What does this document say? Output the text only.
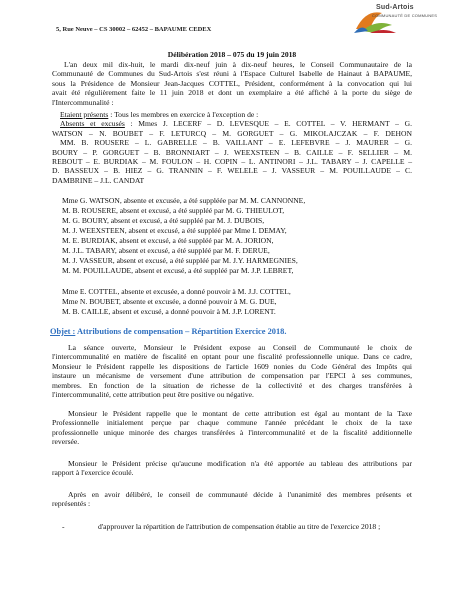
Sud-Artois
COMMUNAUTÉ DE COMMUNES
5, Rue Neuve – CS 30002 – 62452 – BAPAUME CEDEX
Délibération 2018 – 075 du 19 juin 2018
L'an deux mil dix-huit, le mardi dix-neuf juin à dix-neuf heures, le Conseil Communautaire de la
Communauté de Communes du Sud-Artois s'est réuni à l'Espace Culturel Isabelle de Hainaut à BAPAUME,
sous la Présidence de Monsieur Jean-Jacques COTTEL, Président, conformément à la convocation qui lui
avait été régulièrement faite le 11 juin 2018 et dont un exemplaire a été affiché à la porte du siège de
l'Intercommunalité :
Etaient présents : Tous les membres en exercice à l'exception de :
Absents et excusés : Mmes J. LECERF – D. LEVESQUE – E. COTTEL – V. HERMANT – G.
WATSON – N. BOUBET – F. LETURCQ – M. GORGUET – G. MIKOLAJCZAK – F. DEHON
MM. B. ROUSERE – L. GABRELLE – B. VAILLANT – E. LEFEBVRE – J. MAURER – G.
BOURY – P. GORGUET – B. BRONNIART – J. WEEXSTEEN – B. CAILLE – F. SELLIER – M.
REBOUT – E. BURDIAK – M. FOULON – H. COPIN – L. ANTINORI – J.L. TABARY – J. CAPELLE –
D. BASSEUX – B. HIEZ – G. TRANNIN – F. WELELE – J. VASSEUR – M. POUILLAUDE – C.
DAMBRINE – J.L. CANDAT
Mme G. WATSON, absente et excusée, a été suppléée par M. M. CANNONNE,
M. B. ROUSERE, absent et excusé, a été suppléé par M. G. THIEULOT,
M. G. BOURY, absent et excusé, a été suppléé par M. J. DUBOIS,
M. J. WEEXSTEEN, absent et excusé, a été suppléé par Mme I. DEMAY,
M. E. BURDIAK, absent et excusé, a été suppléé par M. A. JORION,
M. J.L. TABARY, absent et excusé, a été suppléé par M. F. DERUE,
M. J. VASSEUR, absent et excusé, a été suppléé par M. J.Y. HARMEGNIES,
M. M. POUILLAUDE, absent et excusé, a été suppléé par M. J.P. LEBRET,
Mme E. COTTEL, absente et excusée, a donné pouvoir à M. J.J. COTTEL,
Mme N. BOUBET, absente et excusée, a donné pouvoir à M. G. DUE,
M. B. CAILLE, absent et excusé, a donné pouvoir à M. J.P. LORENT.
Objet : Attributions de compensation – Répartition Exercice 2018.
La séance ouverte, Monsieur le Président expose au Conseil de Communauté le choix de
l'intercommunalité en matière de fiscalité en optant pour une fiscalité professionnelle unique. Dans ce cadre,
Monsieur le Président rappelle les dispositions de l'article 1609 nonies du Code Général des Impôts qui
instaure un mécanisme de versement d'une attribution de compensation par l'EPCI à ses communes,
membres. En fonction de la situation de richesse de la collectivité et des charges transférées à
l'intercommunalité, cette attribution peut être positive ou négative.
Monsieur le Président rappelle que le montant de cette attribution est égal au montant de la Taxe
Professionnelle initialement perçue par chaque commune l'année précédant le choix de la taxe
professionnelle unique minorée des charges transférées à l'intercommunalité et de la fiscalité additionnelle
reversée.
Monsieur le Président précise qu'aucune modification n'a été apportée au tableau des attributions par
rapport à l'exercice écoulé.
Après en avoir délibéré, le conseil de communauté décide à l'unanimité des membres présents et
représentés :
-	d'approuver la répartition de l'attribution de compensation établie au titre de l'exercice 2018 ;
